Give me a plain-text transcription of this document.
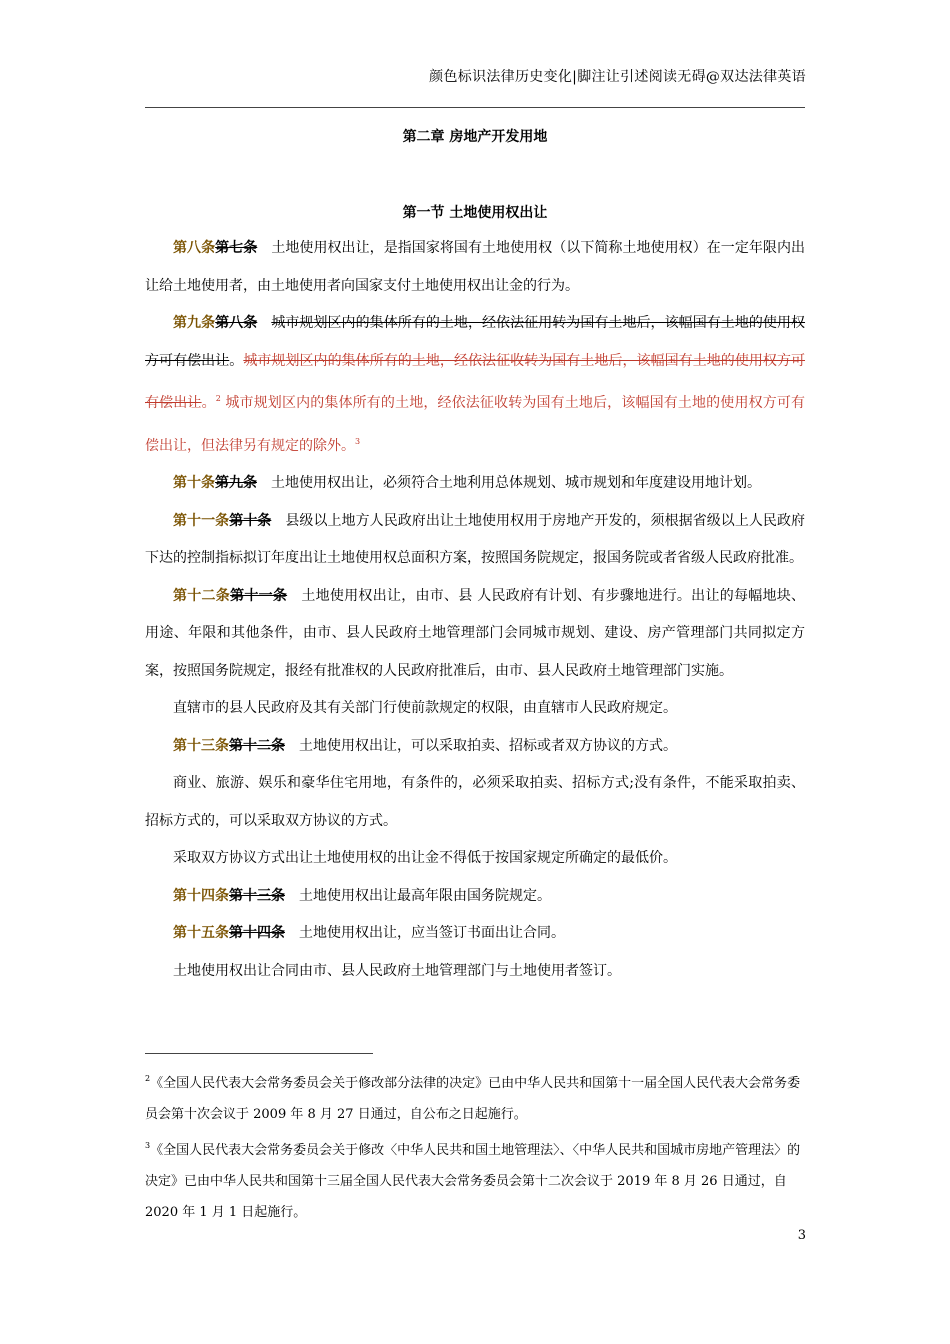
颜色标识法律历史变化|脚注让引述阅读无碍@双达法律英语
第二章 房地产开发用地
第一节 土地使用权出让

第八条第七条 土地使用权出让，是指国家将国有土地使用权（以下简称土地使用权）在一定年限内出让给土地使用者，由土地使用者向国家支付土地使用权出让金的行为。

第九条第八条 城市规划区内的集体所有的土地，经依法征用转为国有土地后，该幅国有土地的使用权方可有偿出让。城市规划区内的集体所有的土地，经依法征收转为国有土地后，该幅国有土地的使用权方可有偿出让。$^2$ 城市规划区内的集体所有的土地，经依法征收转为国有土地后，该幅国有土地的使用权方可有偿出让，但法律另有规定的除外。$^3$

第十条第九条 土地使用权出让，必须符合土地利用总体规划、城市规划和年度建设用地计划。

第十一条第十条 县级以上地方人民政府出让土地使用权用于房地产开发的，须根据省级以上人民政府下达的控制指标拟订年度出让土地使用权总面积方案，按照国务院规定，报国务院或者省级人民政府批准。

第十二条第十一条 土地使用权出让，由市、县 人民政府有计划、有步骤地进行。出让的每幅地块、用途、年限和其他条件，由市、县人民政府土地管理部门会同城市规划、建设、房产管理部门共同拟定方案，按照国务院规定，报经有批准权的人民政府批准后，由市、县人民政府土地管理部门实施。

直辖市的县人民政府及其有关部门行使前款规定的权限，由直辖市人民政府规定。

第十三条第十二条 土地使用权出让，可以采取拍卖、招标或者双方协议的方式。

商业、旅游、娱乐和豪华住宅用地，有条件的，必须采取拍卖、招标方式;没有条件，不能采取拍卖、招标方式的，可以采取双方协议的方式。

采取双方协议方式出让土地使用权的出让金不得低于按国家规定所确定的最低价。

第十四条第十三条 土地使用权出让最高年限由国务院规定。

第十五条第十四条 土地使用权出让，应当签订书面出让合同。

土地使用权出让合同由市、县人民政府土地管理部门与土地使用者签订。

$^2$《全国人民代表大会常务委员会关于修改部分法律的决定》已由中华人民共和国第十一届全国人民代表大会常务委员会第十次会议于 2009 年 8 月 27 日通过，自公布之日起施行。

$^3$《全国人民代表大会常务委员会关于修改〈中华人民共和国土地管理法〉、〈中华人民共和国城市房地产管理法〉的决定》已由中华人民共和国第十三届全国人民代表大会常务委员会第十二次会议于 2019 年 8 月 26 日通过，自 2020 年 1 月 1 日起施行。

3
